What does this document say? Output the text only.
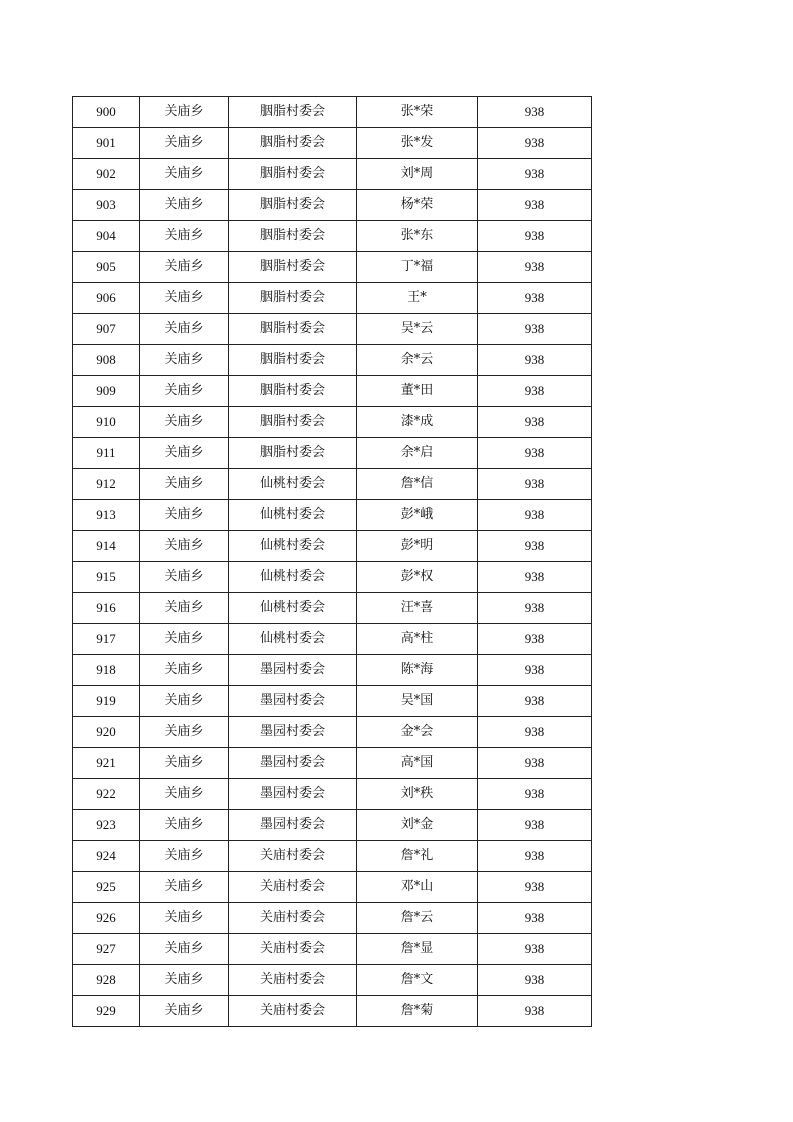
900	关庙乡	胭脂村委会	张*荣	938
901	关庙乡	胭脂村委会	张*发	938
902	关庙乡	胭脂村委会	刘*周	938
903	关庙乡	胭脂村委会	杨*荣	938
904	关庙乡	胭脂村委会	张*东	938
905	关庙乡	胭脂村委会	丁*福	938
906	关庙乡	胭脂村委会	王*	938
907	关庙乡	胭脂村委会	吴*云	938
908	关庙乡	胭脂村委会	余*云	938
909	关庙乡	胭脂村委会	董*田	938
910	关庙乡	胭脂村委会	漆*成	938
911	关庙乡	胭脂村委会	余*启	938
912	关庙乡	仙桃村委会	詹*信	938
913	关庙乡	仙桃村委会	彭*峨	938
914	关庙乡	仙桃村委会	彭*明	938
915	关庙乡	仙桃村委会	彭*权	938
916	关庙乡	仙桃村委会	汪*喜	938
917	关庙乡	仙桃村委会	高*柱	938
918	关庙乡	墨园村委会	陈*海	938
919	关庙乡	墨园村委会	吴*国	938
920	关庙乡	墨园村委会	金*会	938
921	关庙乡	墨园村委会	高*国	938
922	关庙乡	墨园村委会	刘*秩	938
923	关庙乡	墨园村委会	刘*金	938
924	关庙乡	关庙村委会	詹*礼	938
925	关庙乡	关庙村委会	邓*山	938
926	关庙乡	关庙村委会	詹*云	938
927	关庙乡	关庙村委会	詹*显	938
928	关庙乡	关庙村委会	詹*文	938
929	关庙乡	关庙村委会	詹*菊	938
